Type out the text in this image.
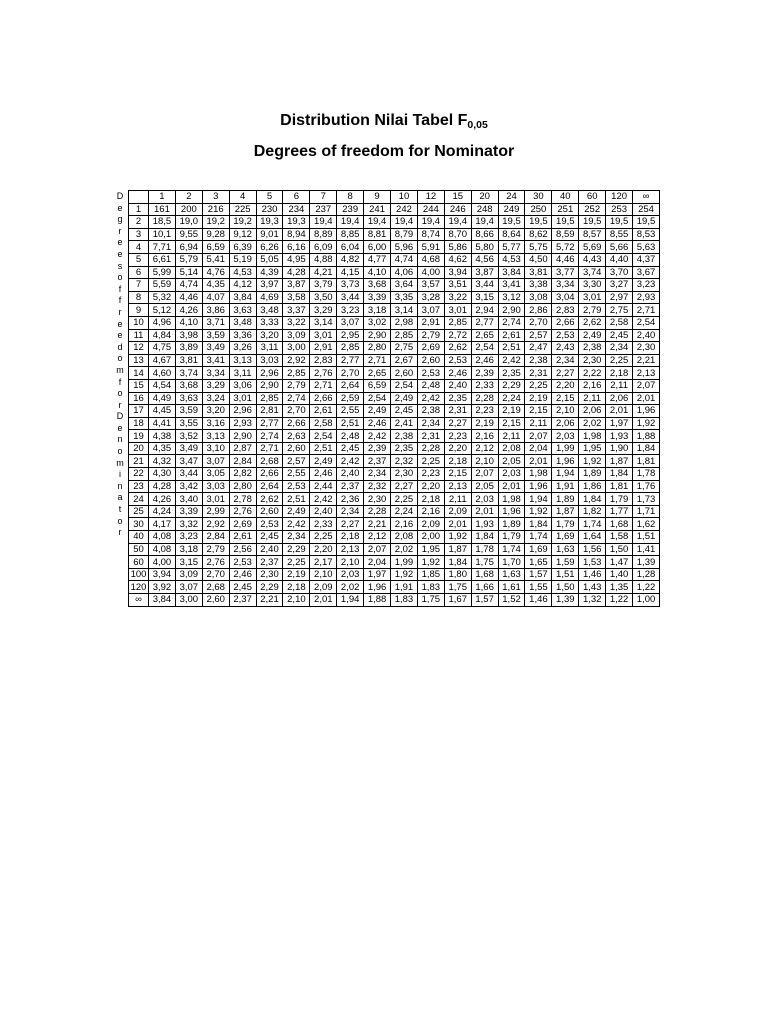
Distribution Nilai Tabel $F_{0,05}$
Degrees of freedom for Nominator
D
e
g
r
e
e
s
o
f
f
r
e
e
d
o
m
f
o
r
D
e
n
o
m
i
n
a
t
o
r
	1	2	3	4	5	6	7	8	9	10	12	15	20	24	30	40	60	120	∞
1	161	200	216	225	230	234	237	239	241	242	244	246	248	249	250	251	252	253	254
2	18,5	19,0	19,2	19,2	19,3	19,3	19,4	19,4	19,4	19,4	19,4	19,4	19,4	19,5	19,5	19,5	19,5	19,5	19,5
3	10,1	9,55	9,28	9,12	9,01	8,94	8,89	8,85	8,81	8,79	8,74	8,70	8,66	8,64	8,62	8,59	8,57	8,55	8,53
4	7,71	6,94	6,59	6,39	6,26	6,16	6,09	6,04	6,00	5,96	5,91	5,86	5,80	5,77	5,75	5,72	5,69	5,66	5,63
5	6,61	5,79	5,41	5,19	5,05	4,95	4,88	4,82	4,77	4,74	4,68	4,62	4,56	4,53	4,50	4,46	4,43	4,40	4,37
6	5,99	5,14	4,76	4,53	4,39	4,28	4,21	4,15	4,10	4,06	4,00	3,94	3,87	3,84	3,81	3,77	3,74	3,70	3,67
7	5,59	4,74	4,35	4,12	3,97	3,87	3,79	3,73	3,68	3,64	3,57	3,51	3,44	3,41	3,38	3,34	3,30	3,27	3,23
8	5,32	4,46	4,07	3,84	4,69	3,58	3,50	3,44	3,39	3,35	3,28	3,22	3,15	3,12	3,08	3,04	3,01	2,97	2,93
9	5,12	4,26	3,86	3,63	3,48	3,37	3,29	3,23	3,18	3,14	3,07	3,01	2,94	2,90	2,86	2,83	2,79	2,75	2,71
10	4,96	4,10	3,71	3,48	3,33	3,22	3,14	3,07	3,02	2,98	2,91	2,85	2,77	2,74	2,70	2,66	2,62	2,58	2,54
11	4,84	3,98	3,59	3,36	3,20	3,09	3,01	2,95	2,90	2,85	2,79	2,72	2,65	2,61	2,57	2,53	2,49	2,45	2,40
12	4,75	3,89	3,49	3,26	3,11	3,00	2,91	2,85	2,80	2,75	2,69	2,62	2,54	2,51	2,47	2,43	2,38	2,34	2,30
13	4,67	3,81	3,41	3,13	3,03	2,92	2,83	2,77	2,71	2,67	2,60	2,53	2,46	2,42	2,38	2,34	2,30	2,25	2,21
14	4,60	3,74	3,34	3,11	2,96	2,85	2,76	2,70	2,65	2,60	2,53	2,46	2,39	2,35	2,31	2,27	2,22	2,18	2,13
15	4,54	3,68	3,29	3,06	2,90	2,79	2,71	2,64	6,59	2,54	2,48	2,40	2,33	2,29	2,25	2,20	2,16	2,11	2,07
16	4,49	3,63	3,24	3,01	2,85	2,74	2,66	2,59	2,54	2,49	2,42	2,35	2,28	2,24	2,19	2,15	2,11	2,06	2,01
17	4,45	3,59	3,20	2,96	2,81	2,70	2,61	2,55	2,49	2,45	2,38	2,31	2,23	2,19	2,15	2,10	2,06	2,01	1,96
18	4,41	3,55	3,16	2,93	2,77	2,66	2,58	2,51	2,46	2,41	2,34	2,27	2,19	2,15	2,11	2,06	2,02	1,97	1,92
19	4,38	3,52	3,13	2,90	2,74	2,63	2,54	2,48	2,42	2,38	2,31	2,23	2,16	2,11	2,07	2,03	1,98	1,93	1,88
20	4,35	3,49	3,10	2,87	2,71	2,60	2,51	2,45	2,39	2,35	2,28	2,20	2,12	2,08	2,04	1,99	1,95	1,90	1,84
21	4,32	3,47	3,07	2,84	2,68	2,57	2,49	2,42	2,37	2,32	2,25	2,18	2,10	2,05	2,01	1,96	1,92	1,87	1,81
22	4,30	3,44	3,05	2,82	2,66	2,55	2,46	2,40	2,34	2,30	2,23	2,15	2,07	2,03	1,98	1,94	1,89	1,84	1,78
23	4,28	3,42	3,03	2,80	2,64	2,53	2,44	2,37	2,32	2,27	2,20	2,13	2,05	2,01	1,96	1,91	1,86	1,81	1,76
24	4,26	3,40	3,01	2,78	2,62	2,51	2,42	2,36	2,30	2,25	2,18	2,11	2,03	1,98	1,94	1,89	1,84	1,79	1,73
25	4,24	3,39	2,99	2,76	2,60	2,49	2,40	2,34	2,28	2,24	2,16	2,09	2,01	1,96	1,92	1,87	1,82	1,77	1,71
30	4,17	3,32	2,92	2,69	2,53	2,42	2,33	2,27	2,21	2,16	2,09	2,01	1,93	1,89	1,84	1,79	1,74	1,68	1,62
40	4,08	3,23	2,84	2,61	2,45	2,34	2,25	2,18	2,12	2,08	2,00	1,92	1,84	1,79	1,74	1,69	1,64	1,58	1,51
50	4,08	3,18	2,79	2,56	2,40	2,29	2,20	2,13	2,07	2,02	1,95	1,87	1,78	1,74	1,69	1,63	1,56	1,50	1,41
60	4,00	3,15	2,76	2,53	2,37	2,25	2,17	2,10	2,04	1,99	1,92	1,84	1,75	1,70	1,65	1,59	1,53	1,47	1,39
100	3,94	3,09	2,70	2,46	2,30	2,19	2,10	2,03	1,97	1,92	1,85	1,80	1,68	1,63	1,57	1,51	1,46	1,40	1,28
120	3,92	3,07	2,68	2,45	2,29	2,18	2,09	2,02	1,96	1,91	1,83	1,75	1,66	1,61	1,55	1,50	1,43	1,35	1,22
∞	3,84	3,00	2,60	2,37	2,21	2,10	2,01	1,94	1,88	1,83	1,75	1,67	1,57	1,52	1,46	1,39	1,32	1,22	1,00
